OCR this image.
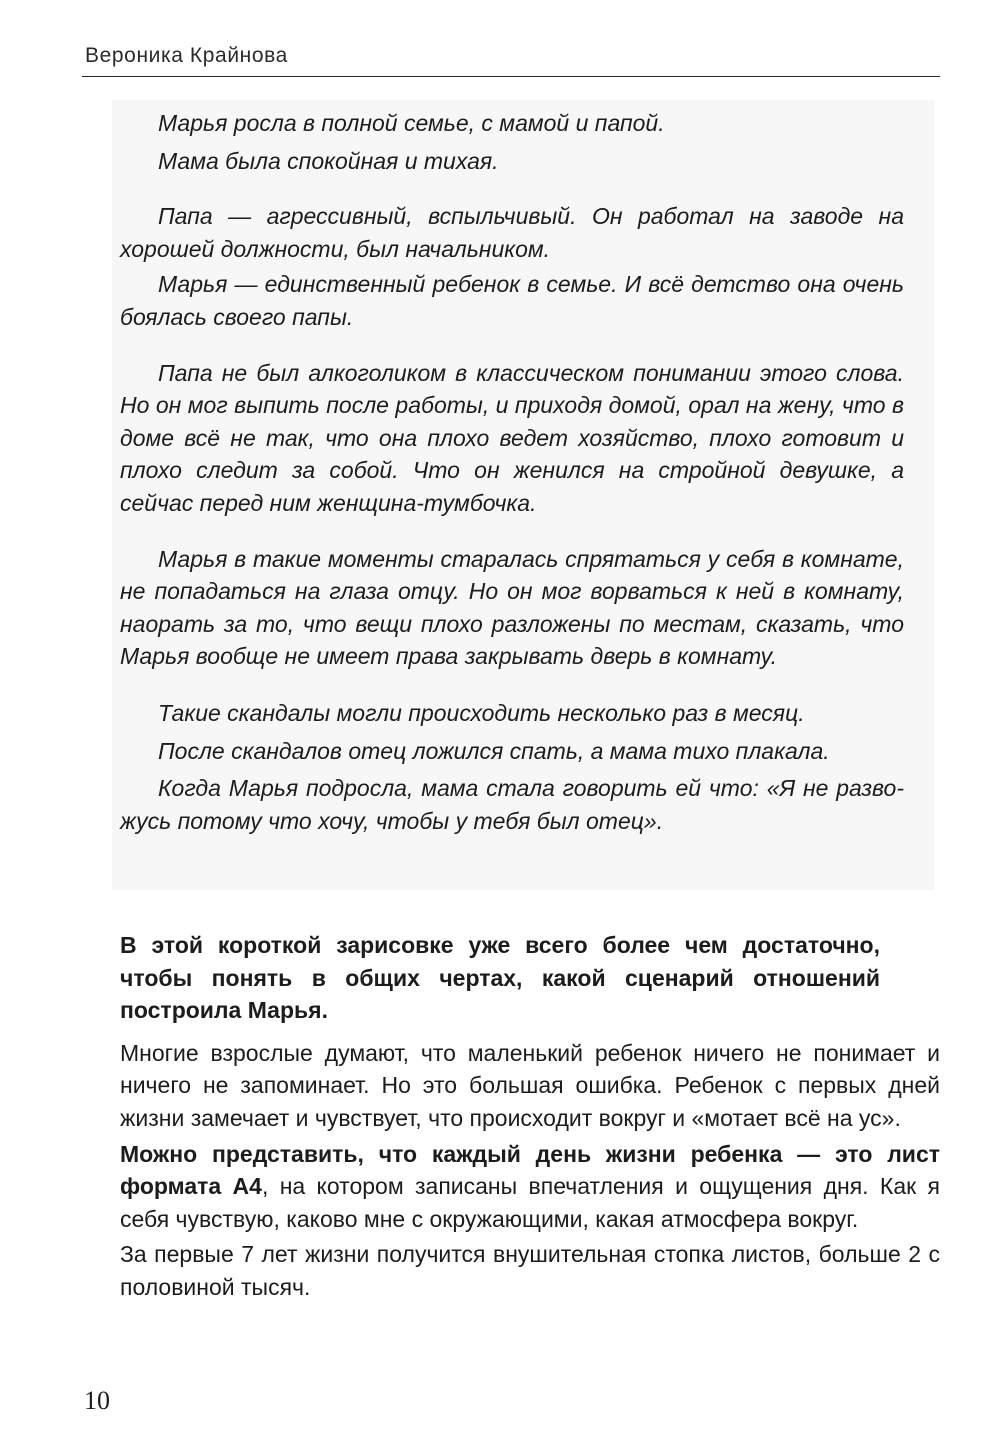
Вероника Крайнова

Марья росла в полной семье, с мамой и папой.

Мама была спокойная и тихая.

Папа — агрессивный, вспыльчивый. Он работал на заводе на хорошей должности, был начальником.

Марья — единственный ребенок в семье. И всё детство она очень боялась своего папы.

Папа не был алкоголиком в классическом понимании этого слова. Но он мог выпить после работы, и приходя домой, орал на жену, что в доме всё не так, что она плохо ведет хозяйство, плохо готовит и плохо следит за собой. Что он женился на стройной девушке, а сейчас перед ним женщина-тумбочка.

Марья в такие моменты старалась спрятаться у себя в комнате, не попадаться на глаза отцу. Но он мог ворваться к ней в комнату, наорать за то, что вещи плохо разложены по местам, сказать, что Марья вообще не имеет права закрывать дверь в комнату.

Такие скандалы могли происходить несколько раз в месяц.

После скандалов отец ложился спать, а мама тихо плакала.

Когда Марья подросла, мама стала говорить ей что: «Я не развожусь потому что хочу, чтобы у тебя был отец».

В этой короткой зарисовке уже всего более чем достаточно, чтобы понять в общих чертах, какой сценарий отношений построила Марья.

Многие взрослые думают, что маленький ребенок ничего не понимает и ничего не запоминает. Но это большая ошибка. Ребенок с первых дней жизни замечает и чувствует, что происходит вокруг и «мотает всё на ус».

Можно представить, что каждый день жизни ребенка — это лист формата А4, на котором записаны впечатления и ощущения дня. Как я себя чувствую, каково мне с окружающими, какая атмосфера вокруг.

За первые 7 лет жизни получится внушительная стопка листов, больше 2 с половиной тысяч.

10
